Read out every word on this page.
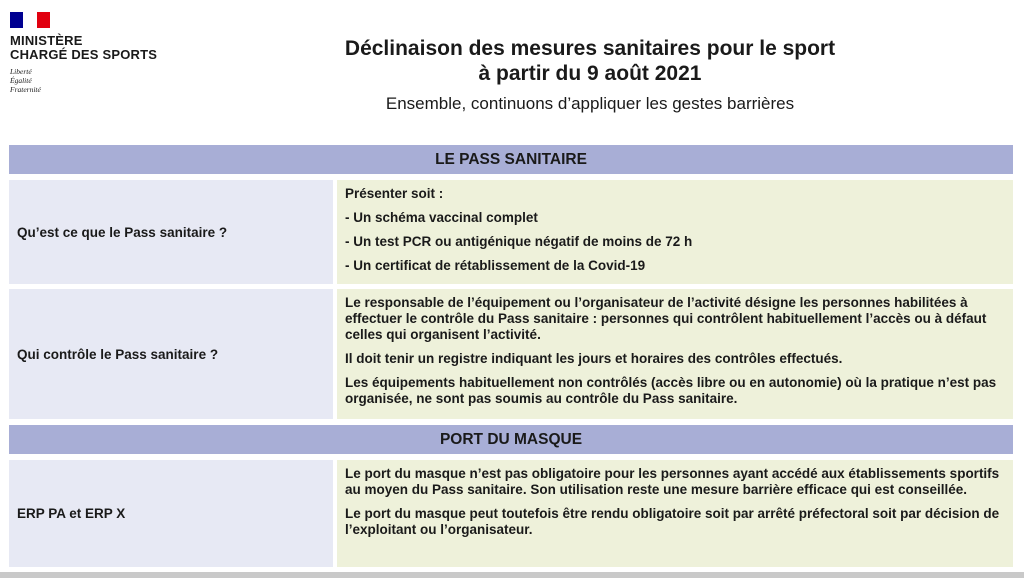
MINISTÈRE
CHARGÉ DES SPORTS
Liberté
Égalité
Fraternité
Déclinaison des mesures sanitaires pour le sport
à partir du 9 août 2021
Ensemble, continuons d’appliquer les gestes barrières
LE PASS SANITAIRE
Qu’est ce que le Pass sanitaire ?

Présenter soit :

- Un schéma vaccinal complet

- Un test PCR ou antigénique négatif de moins de 72 h

- Un certificat de rétablissement de la Covid-19

Qui contrôle le Pass sanitaire ?

Le responsable de l’équipement ou l’organisateur de l’activité désigne les personnes habilitées à effectuer le contrôle du Pass sanitaire : personnes qui contrôlent habituellement l’accès ou à défaut celles qui organisent l’activité.

Il doit tenir un registre indiquant les jours et horaires des contrôles effectués.

Les équipements habituellement non contrôlés (accès libre ou en autonomie) où la pratique n’est pas organisée, ne sont pas soumis au contrôle du Pass sanitaire.

PORT DU MASQUE
ERP PA et ERP X

Le port du masque n’est pas obligatoire pour les personnes ayant accédé aux établissements sportifs au moyen du Pass sanitaire. Son utilisation reste une mesure barrière efficace qui est conseillée.

Le port du masque peut toutefois être rendu obligatoire soit par arrêté préfectoral soit par décision de l’exploitant ou l’organisateur.
